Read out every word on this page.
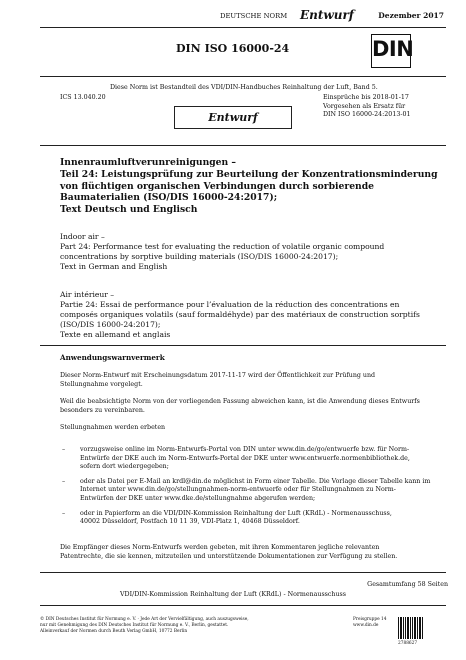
DEUTSCHE NORM Entwurf	Dezember 2017
DIN ISO 16000-24	DIN
Diese Norm ist Bestandteil des VDI/DIN-Handbuches Reinhaltung der Luft, Band 5.
ICS 13.040.20	Einsprüche bis 2018-01-17
Vorgesehen als Ersatz für
DIN ISO 16000-24:2013-01
Entwurf
Innenraumluftverunreinigungen –
Teil 24: Leistungsprüfung zur Beurteilung der Konzentrationsminderung
von flüchtigen organischen Verbindungen durch sorbierende
Baumaterialien (ISO/DIS 16000-24:2017);
Text Deutsch und Englisch
Indoor air –
Part 24: Performance test for evaluating the reduction of volatile organic compound
concentrations by sorptive building materials (ISO/DIS 16000-24:2017);
Text in German and English
Air intérieur –
Partie 24: Essai de performance pour l’évaluation de la réduction des concentrations en
composés organiques volatils (sauf formaldéhyde) par des matériaux de construction sorptifs
(ISO/DIS 16000-24:2017);
Texte en allemand et anglais
Anwendungswarnvermerk
Dieser Norm-Entwurf mit Erscheinungsdatum 2017-11-17 wird der Öffentlichkeit zur Prüfung und
Stellungnahme vorgelegt.
Weil die beabsichtigte Norm von der vorliegenden Fassung abweichen kann, ist die Anwendung dieses Entwurfs
besonders zu vereinbaren.
Stellungnahmen werden erbeten
– vorzugsweise online im Norm-Entwurfs-Portal von DIN unter www.din.de/go/entwuerfe bzw. für Norm-
Entwürfe der DKE auch im Norm-Entwurfs-Portal der DKE unter www.entwuerfe.normenbibliothek.de,
sofern dort wiedergegeben;
– oder als Datei per E-Mail an krdl@din.de möglichst in Form einer Tabelle. Die Vorlage dieser Tabelle kann im
Internet unter www.din.de/go/stellungnahmen-norm-entwuerfe oder für Stellungnahmen zu Norm-
Entwürfen der DKE unter www.dke.de/stellungnahme abgerufen werden;
– oder in Papierform an die VDI/DIN-Kommission Reinhaltung der Luft (KRdL) - Normenausschuss,
40002 Düsseldorf, Postfach 10 11 39, VDI-Platz 1, 40468 Düsseldorf.
Die Empfänger dieses Norm-Entwurfs werden gebeten, mit ihren Kommentaren jegliche relevanten
Patentrechte, die sie kennen, mitzuteilen und unterstützende Dokumentationen zur Verfügung zu stellen.
Gesamtumfang 58 Seiten
VDI/DIN-Kommission Reinhaltung der Luft (KRdL) - Normenausschuss
© DIN Deutsches Institut für Normung e. V. · Jede Art der Vervielfältigung, auch auszugsweise,
nur mit Genehmigung des DIN Deutsches Institut für Normung e. V., Berlin, gestattet.
Alleinverkauf der Normen durch Beuth Verlag GmbH, 10772 Berlin
Preisgruppe 14
www.din.de
2788627
